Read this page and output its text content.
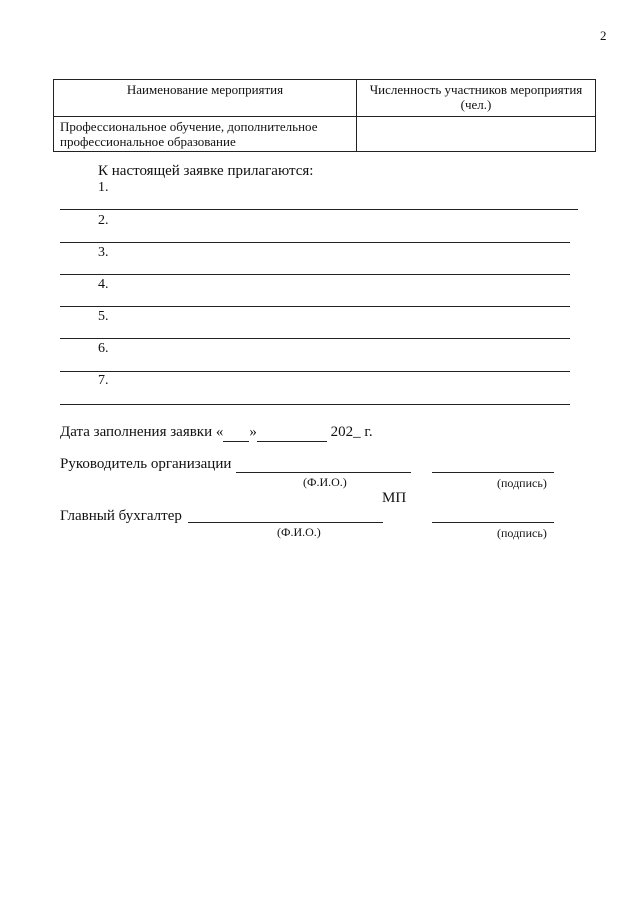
2
Наименование мероприятия	Численность участников мероприятия (чел.)
Профессиональное обучение, дополнительное профессиональное образование	
К настоящей заявке прилагаются:
1.
2.
3.
4.
5.
6.
7.
Дата заполнения заявки « »	202_ г.
Руководитель организации
(Ф.И.О.)	(подпись)
МП
Главный бухгалтер
(Ф.И.О.)	(подпись)
